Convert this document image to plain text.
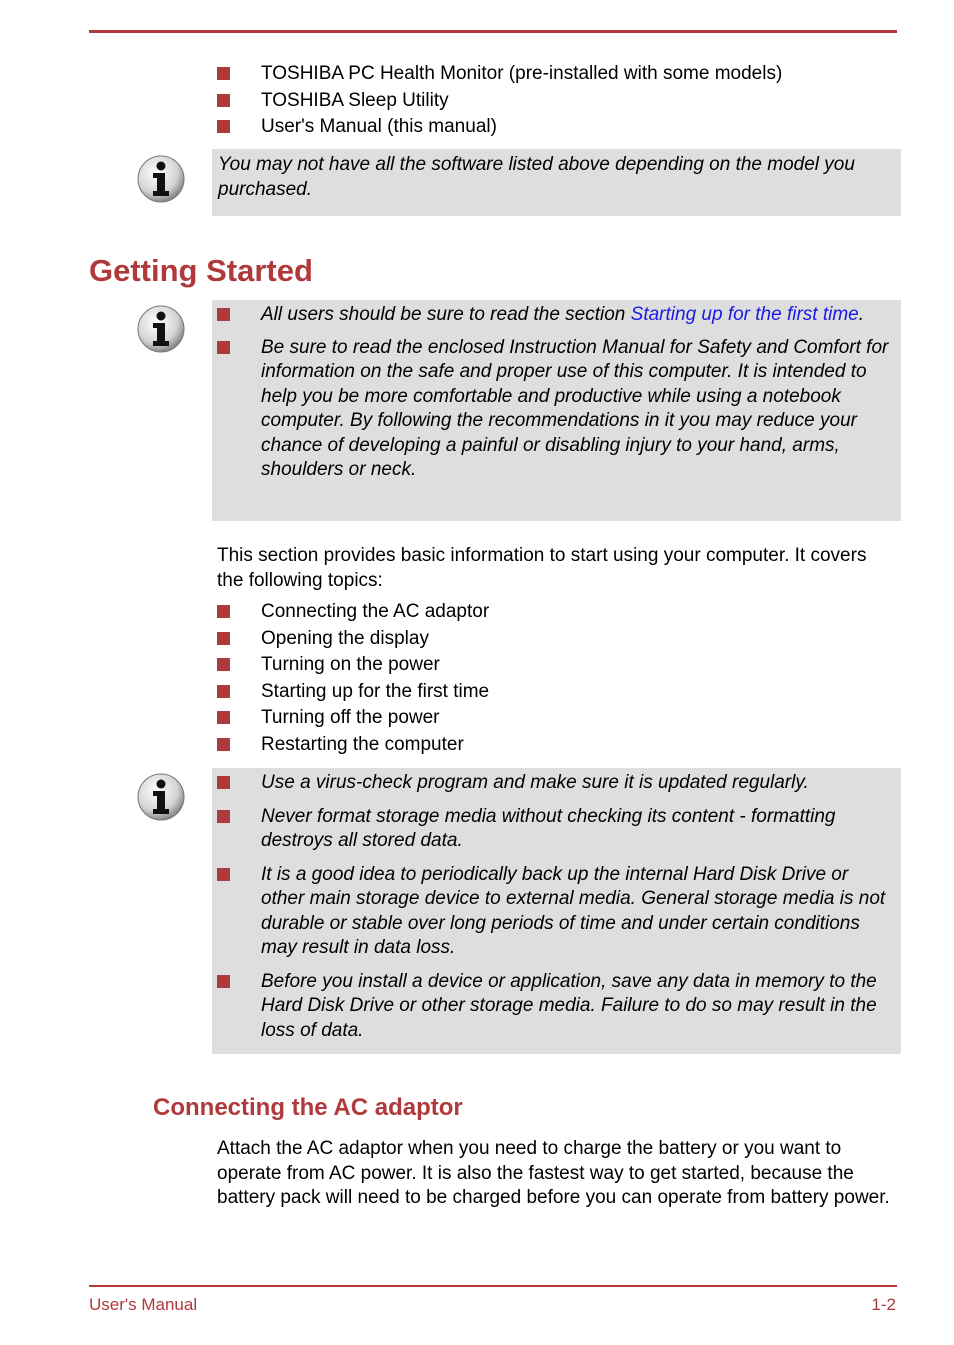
TOSHIBA PC Health Monitor (pre-installed with some models)
TOSHIBA Sleep Utility
User's Manual (this manual)
You may not have all the software listed above depending on the model you purchased.
Getting Started
All users should be sure to read the section Starting up for the first time.
Be sure to read the enclosed Instruction Manual for Safety and Comfort for information on the safe and proper use of this computer. It is intended to help you be more comfortable and productive while using a notebook computer. By following the recommendations in it you may reduce your chance of developing a painful or disabling injury to your hand, arms, shoulders or neck.

This section provides basic information to start using your computer. It covers the following topics:

Connecting the AC adaptor
Opening the display
Turning on the power
Starting up for the first time
Turning off the power
Restarting the computer
Use a virus-check program and make sure it is updated regularly.
Never format storage media without checking its content - formatting destroys all stored data.
It is a good idea to periodically back up the internal Hard Disk Drive or other main storage device to external media. General storage media is not durable or stable over long periods of time and under certain conditions may result in data loss.
Before you install a device or application, save any data in memory to the Hard Disk Drive or other storage media. Failure to do so may result in the loss of data.
Connecting the AC adaptor

Attach the AC adaptor when you need to charge the battery or you want to operate from AC power. It is also the fastest way to get started, because the battery pack will need to be charged before you can operate from battery power.

User's Manual	1-2
